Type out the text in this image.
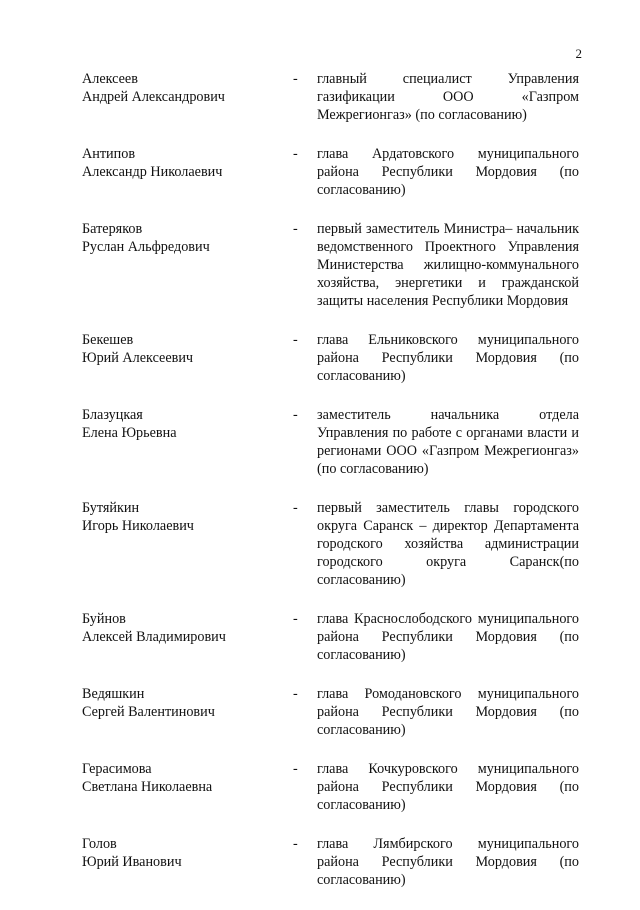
2
Алексеев
Андрей Александрович
- главный специалист Управления газификации ООО «Газпром Межрегионгаз» (по согласованию)
Антипов
Александр Николаевич
- глава Ардатовского муниципального района Республики Мордовия (по согласованию)
Батеряков
Руслан Альфредович
- первый заместитель Министра– начальник ведомственного Проектного Управления Министерства жилищно-коммунального хозяйства, энергетики и гражданской защиты населения Республики Мордовия
Бекешев
Юрий Алексеевич
- глава Ельниковского муниципального района Республики Мордовия (по согласованию)
Блазуцкая
Елена Юрьевна
- заместитель начальника отдела Управления по работе с органами власти и регионами ООО «Газпром Межрегионгаз» (по согласованию)
Бутяйкин
Игорь Николаевич
- первый заместитель главы городского округа Саранск – директор Департамента городского хозяйства администрации городского округа Саранск(по согласованию)
Буйнов
Алексей Владимирович
- глава Краснослободского муниципального района Республики Мордовия (по согласованию)
Ведяшкин
Сергей Валентинович
- глава Ромодановского муниципального района Республики Мордовия (по согласованию)
Герасимова
Светлана Николаевна
- глава Кочкуровского муниципального района Республики Мордовия (по согласованию)
Голов
Юрий Иванович
- глава Лямбирского муниципального района Республики Мордовия (по согласованию)
